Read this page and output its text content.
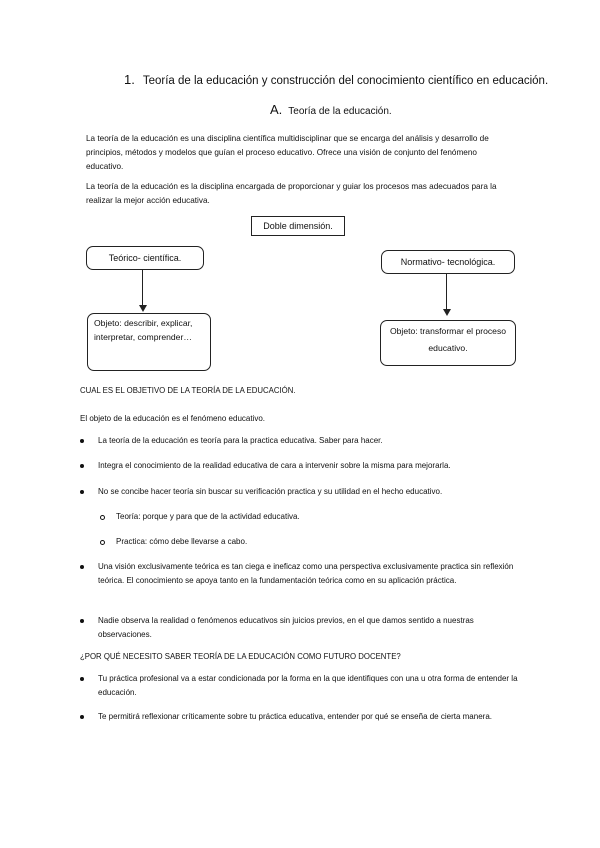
1. Teoría de la educación y construcción del conocimiento científico en educación.
A. Teoría de la educación.
La teoría de la educación es una disciplina científica multidisciplinar que se encarga del análisis y desarrollo de principios, métodos y modelos que guían el proceso educativo. Ofrece una visión de conjunto del fenómeno educativo.
La teoría de la educación es la disciplina encargada de proporcionar y guiar los procesos mas adecuados para la realizar la mejor acción educativa.
Doble dimensión.
Teórico- científica.
Objeto: describir, explicar, interpretar, comprender…
Normativo- tecnológica.
Objeto: transformar el proceso educativo.
CUAL ES EL OBJETIVO DE LA TEORÍA DE LA EDUCACIÓN.
El objeto de la educación es el fenómeno educativo.
La teoría de la educación es teoría para la practica educativa. Saber para hacer.
Integra el conocimiento de la realidad educativa de cara a intervenir sobre la misma para mejorarla.
No se concibe hacer teoría sin buscar su verificación practica y su utilidad en el hecho educativo.
Teoría: porque y para que de la actividad educativa.
Practica: cómo debe llevarse a cabo.
Una visión exclusivamente teórica es tan ciega e ineficaz como una perspectiva exclusivamente practica sin reflexión teórica. El conocimiento se apoya tanto en la fundamentación teórica como en su aplicación práctica.
Nadie observa la realidad o fenómenos educativos sin juicios previos, en el que damos sentido a nuestras observaciones.
¿POR QUÉ NECESITO SABER TEORÍA DE LA EDUCACIÓN COMO FUTURO DOCENTE?
Tu práctica profesional va a estar condicionada por la forma en la que identifiques con una u otra forma de entender la educación.
Te permitirá reflexionar críticamente sobre tu práctica educativa, entender por qué se enseña de cierta manera.
